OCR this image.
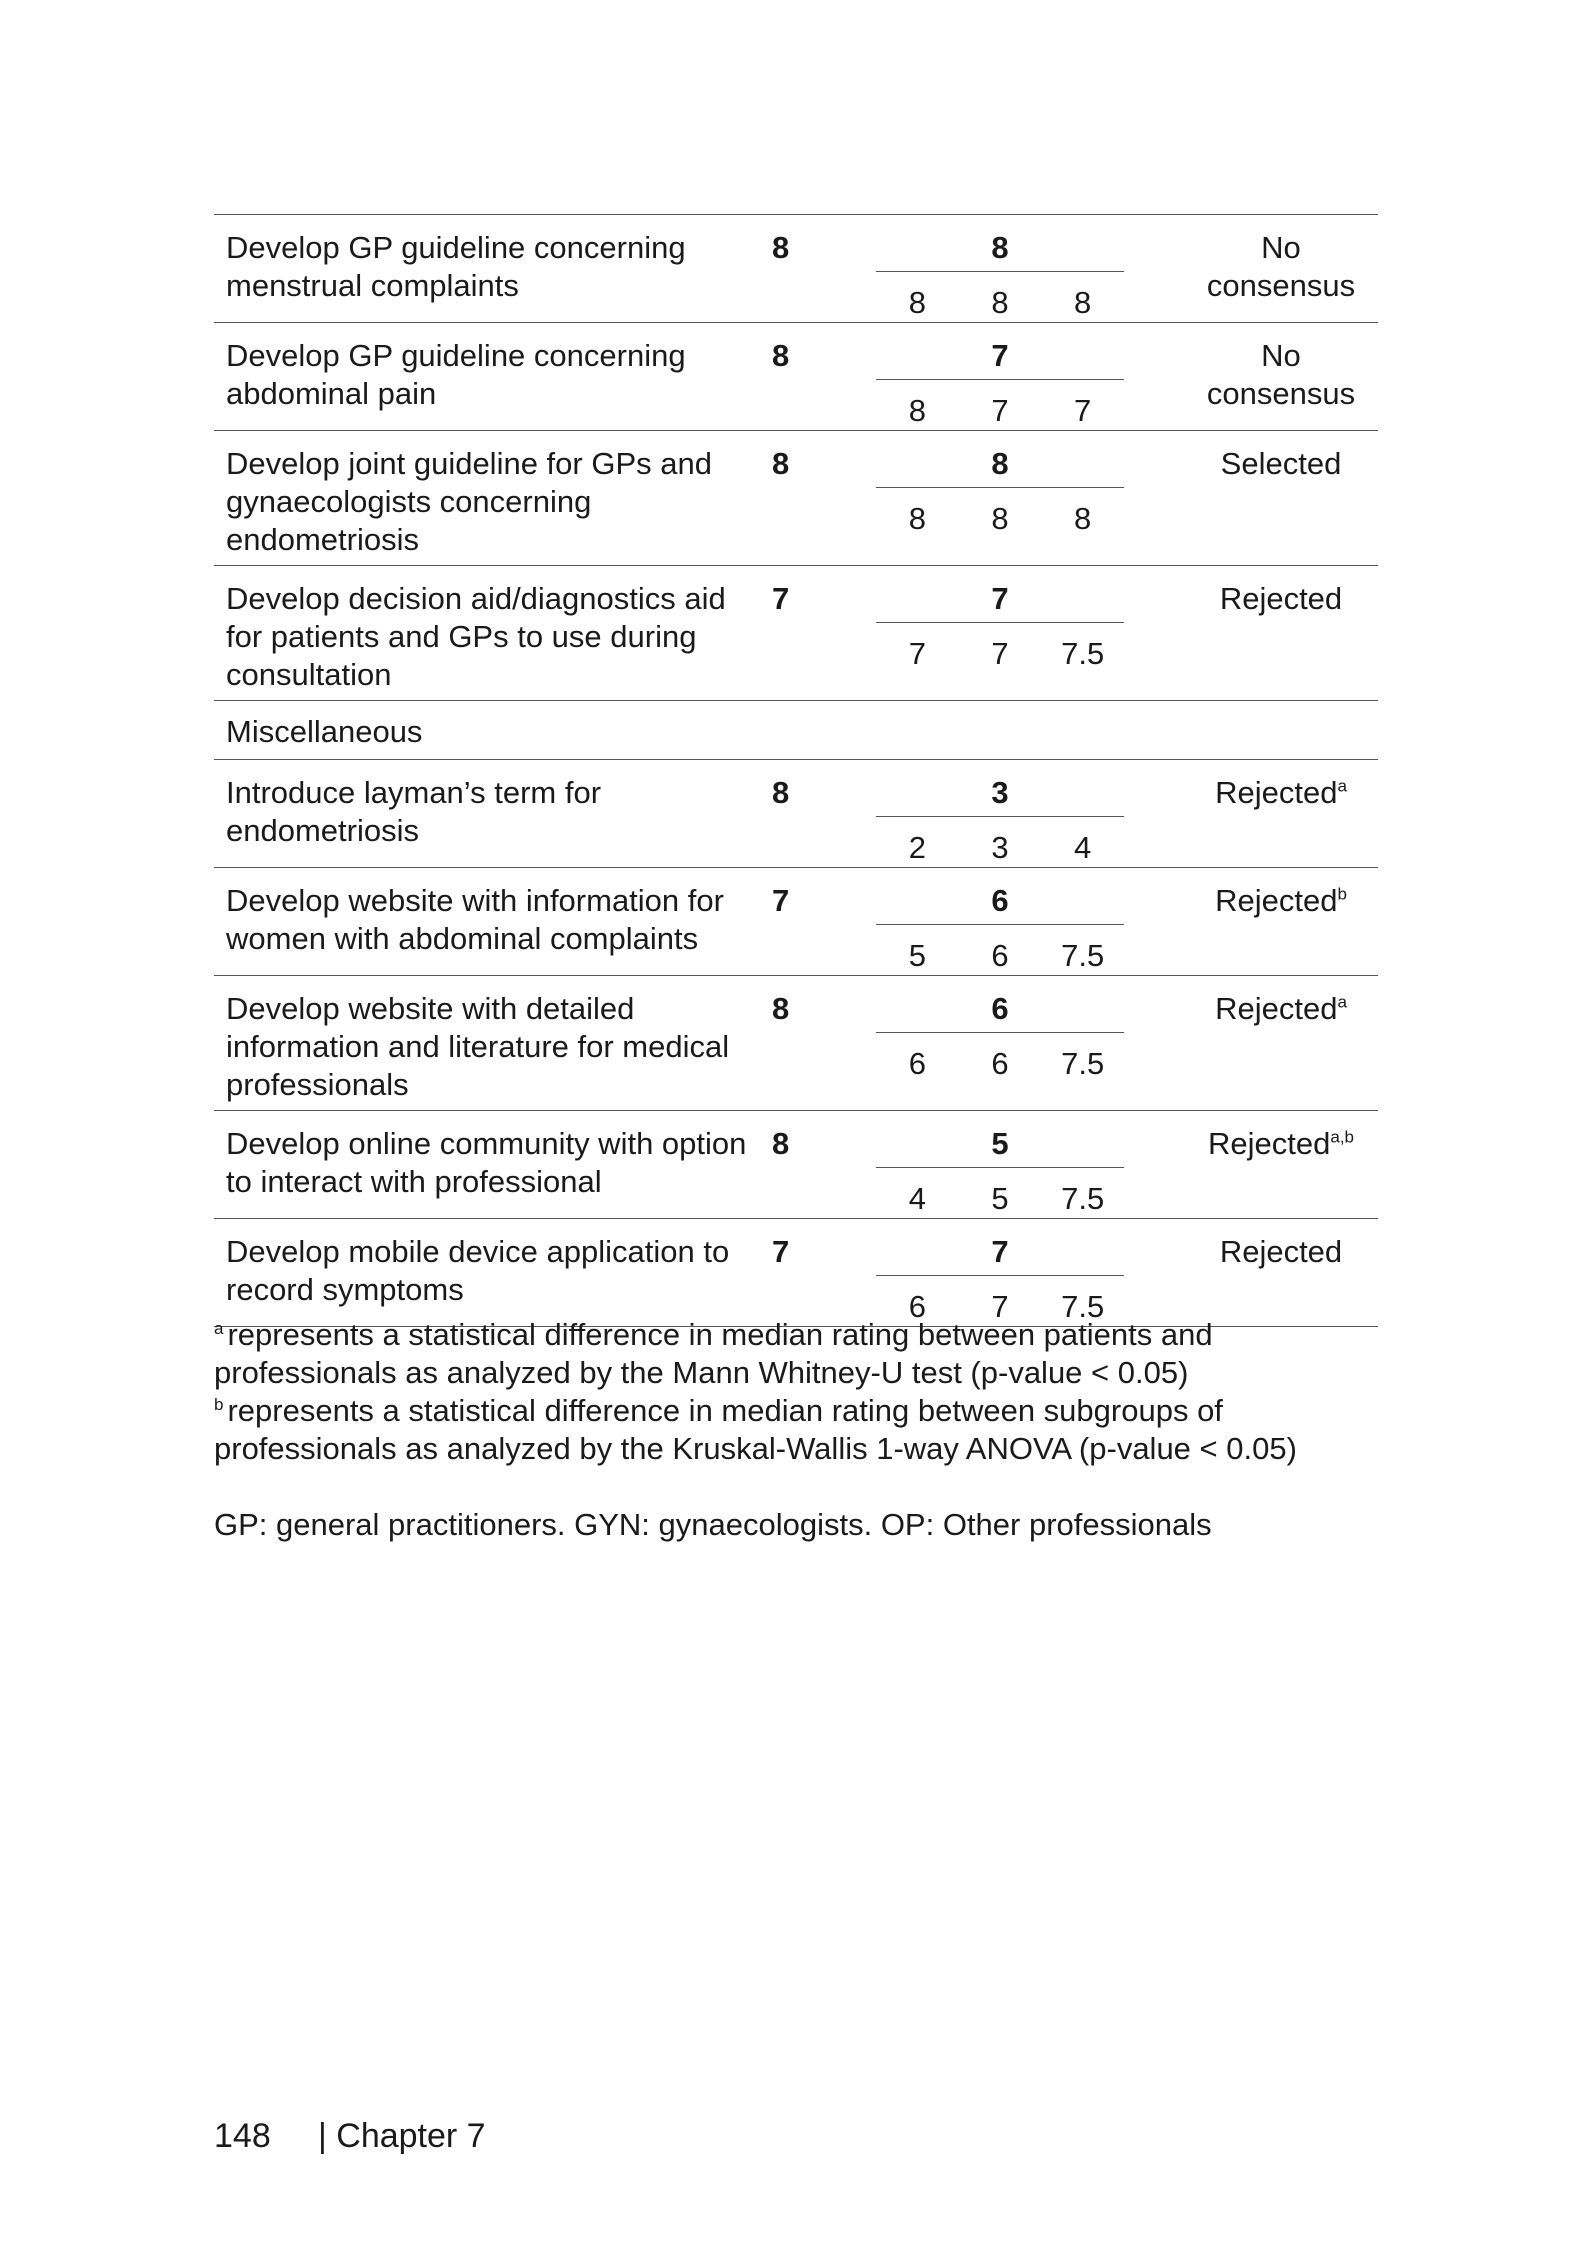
Develop GP guideline concerning menstrual complaints	8	8
8 8 8	No consensus
Develop GP guideline concerning abdominal pain	8	7
8 7 7	No consensus
Develop joint guideline for GPs and gynaecologists concerning endometriosis	8	8
8 8 8	Selected
Develop decision aid/diagnostics aid for patients and GPs to use during consultation	7	7
7 7 7.5	Rejected
Miscellaneous			
Introduce layman’s term for endometriosis	8	3
2 3 4	Rejected$^a$
Develop website with information for women with abdominal complaints	7	6
5 6 7.5	Rejected$^b$
Develop website with detailed information and literature for medical professionals	8	6
6 6 7.5	Rejected$^a$
Develop online community with option to interact with professional	8	5
4 5 7.5	Rejected$^{a,b}$
Develop mobile device application to record symptoms	7	7
6 7 7.5	Rejected

$^a$ represents a statistical difference in median rating between patients and professionals as analyzed by the Mann Whitney-U test (p-value < 0.05)

$^b$ represents a statistical difference in median rating between subgroups of professionals as analyzed by the Kruskal-Wallis 1-way ANOVA (p-value < 0.05)

GP: general practitioners. GYN: gynaecologists. OP: Other professionals

148 | Chapter 7
